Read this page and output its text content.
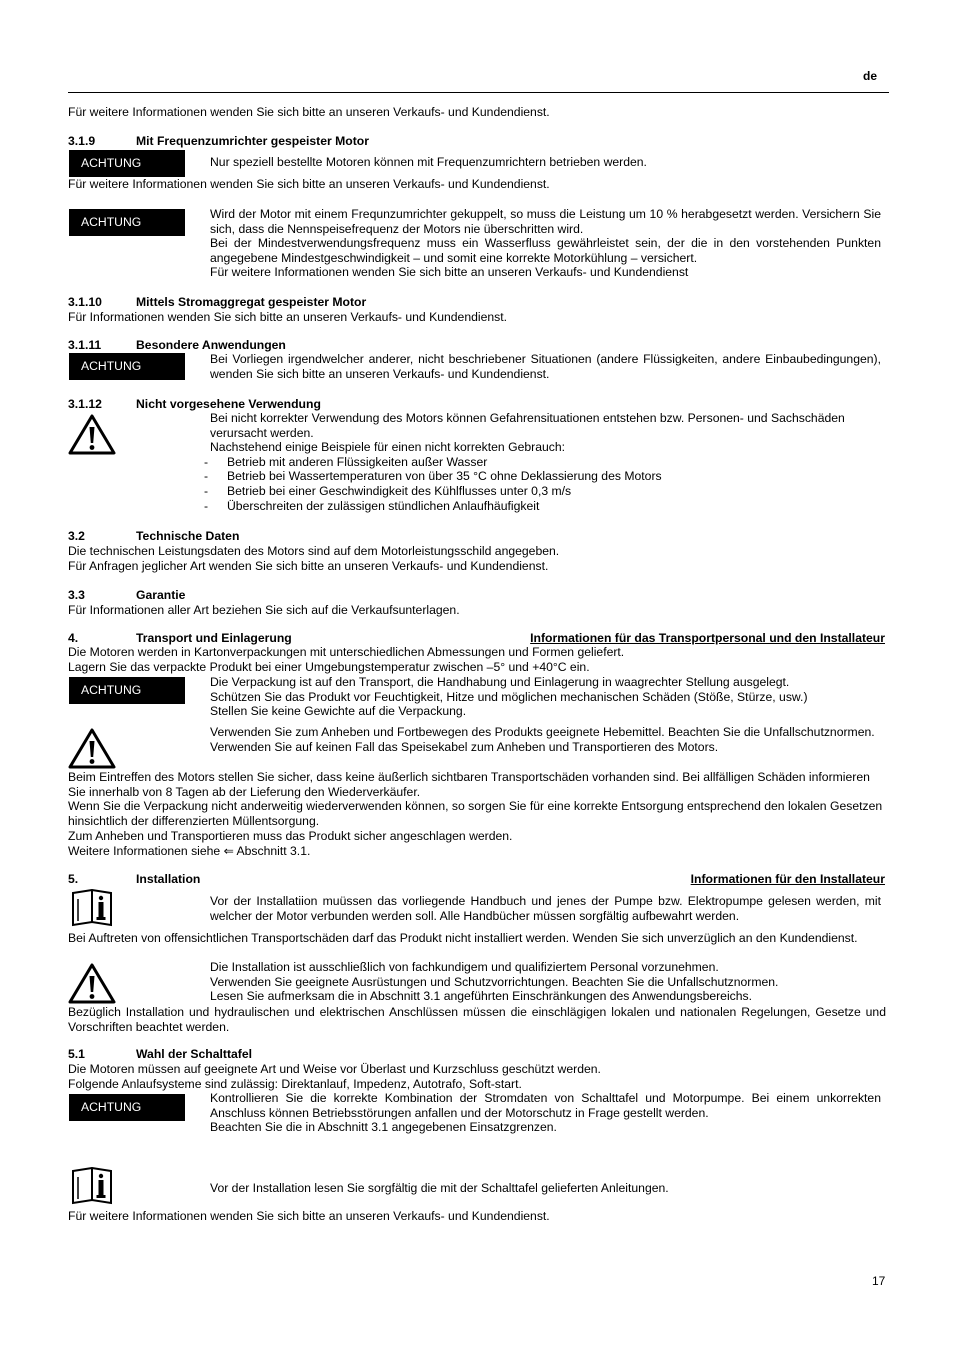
de
Für weitere Informationen wenden Sie sich bitte an unseren Verkaufs- und Kundendienst.
3.1.9	Mit Frequenzumrichter gespeister Motor
ACHTUNG	Nur speziell bestellte Motoren können mit Frequenzumrichtern betrieben werden.
Für weitere Informationen wenden Sie sich bitte an unseren Verkaufs- und Kundendienst.
ACHTUNG
Wird der Motor mit einem Frequnzumrichter gekuppelt, so muss die Leistung um 10 % herabgesetzt werden. Versichern Sie sich, dass die Nennspeisefrequenz der Motors nie überschritten wird.
Bei der Mindestverwendungsfrequenz muss ein Wasserfluss gewährleistet sein, der die in den vorstehenden Punkten angegebene Mindestgeschwindigkeit – und somit eine korrekte Motorkühlung – versichert.
Für weitere Informationen wenden Sie sich bitte an unseren Verkaufs- und Kundendienst
3.1.10	Mittels Stromaggregat gespeister Motor
Für Informationen wenden Sie sich bitte an unseren Verkaufs- und Kundendienst.
3.1.11	Besondere Anwendungen
ACHTUNG	Bei Vorliegen irgendwelcher anderer, nicht beschriebener Situationen (andere Flüssigkeiten, andere Einbaubedingungen), wenden Sie sich bitte an unseren Verkaufs- und Kundendienst.
3.1.12	Nicht vorgesehene Verwendung
Bei nicht korrekter Verwendung des Motors können Gefahrensituationen entstehen bzw. Personen- und Sachschäden verursacht werden.
Nachstehend einige Beispiele für einen nicht korrekten Gebrauch:
- Betrieb mit anderen Flüssigkeiten außer Wasser
- Betrieb bei Wassertemperaturen von über 35 °C ohne Deklassierung des Motors
- Betrieb bei einer Geschwindigkeit des Kühlflusses unter 0,3 m/s
- Überschreiten der zulässigen stündlichen Anlaufhäufigkeit
3.2	Technische Daten
Die technischen Leistungsdaten des Motors sind auf dem Motorleistungsschild angegeben.
Für Anfragen jeglicher Art wenden Sie sich bitte an unseren Verkaufs- und Kundendienst.
3.3	Garantie
Für Informationen aller Art beziehen Sie sich auf die Verkaufsunterlagen.
4.	Transport und Einlagerung	Informationen für das Transportpersonal und den Installateur
Die Motoren werden in Kartonverpackungen mit unterschiedlichen Abmessungen und Formen geliefert.
Lagern Sie das verpackte Produkt bei einer Umgebungstemperatur zwischen –5° und +40°C ein.
ACHTUNG
Die Verpackung ist auf den Transport, die Handhabung und Einlagerung in waagrechter Stellung ausgelegt.
Schützen Sie das Produkt vor Feuchtigkeit, Hitze und möglichen mechanischen Schäden (Stöße, Stürze, usw.)
Stellen Sie keine Gewichte auf die Verpackung.
Verwenden Sie zum Anheben und Fortbewegen des Produkts geeignete Hebemittel. Beachten Sie die Unfallschutznormen.
Verwenden Sie auf keinen Fall das Speisekabel zum Anheben und Transportieren des Motors.
Beim Eintreffen des Motors stellen Sie sicher, dass keine äußerlich sichtbaren Transportschäden vorhanden sind. Bei allfälligen Schäden informieren Sie innerhalb von 8 Tagen ab der Lieferung den Wiederverkäufer.
Wenn Sie die Verpackung nicht anderweitig wiederverwenden können, so sorgen Sie für eine korrekte Entsorgung entsprechend den lokalen Gesetzen hinsichtlich der differenzierten Müllentsorgung.
Zum Anheben und Transportieren muss das Produkt sicher angeschlagen werden.
Weitere Informationen siehe ⇐ Abschnitt 3.1.
5.	Installation	Informationen für den Installateur
Vor der Installatiion muüssen das vorliegende Handbuch und jenes der Pumpe bzw. Elektropumpe gelesen werden, mit welcher der Motor verbunden werden soll. Alle Handbücher müssen sorgfältig aufbewahrt werden.
Bei Auftreten von offensichtlichen Transportschäden darf das Produkt nicht installiert werden. Wenden Sie sich unverzüglich an den Kundendienst.
Die Installation ist ausschließlich von fachkundigem und qualifiziertem Personal vorzunehmen.
Verwenden Sie geeignete Ausrüstungen und Schutzvorrichtungen. Beachten Sie die Unfallschutznormen.
Lesen Sie aufmerksam die in Abschnitt 3.1 angeführten Einschränkungen des Anwendungsbereichs.
Bezüglich Installation und hydraulischen und elektrischen Anschlüssen müssen die einschlägigen lokalen und nationalen Regelungen, Gesetze und Vorschriften beachtet werden.
5.1	Wahl der Schalttafel
Die Motoren müssen auf geeignete Art und Weise vor Überlast und Kurzschluss geschützt werden.
Folgende Anlaufsysteme sind zulässig: Direktanlauf, Impedenz, Autotrafo, Soft-start.
ACHTUNG
Kontrollieren Sie die korrekte Kombination der Stromdaten von Schalttafel und Motorpumpe. Bei einem unkorrekten Anschluss können Betriebsstörungen anfallen und der Motorschutz in Frage gestellt werden.
Beachten Sie die in Abschnitt 3.1 angegebenen Einsatzgrenzen.
Vor der Installation lesen Sie sorgfältig die mit der Schalttafel gelieferten Anleitungen.
Für weitere Informationen wenden Sie sich bitte an unseren Verkaufs- und Kundendienst.
17
